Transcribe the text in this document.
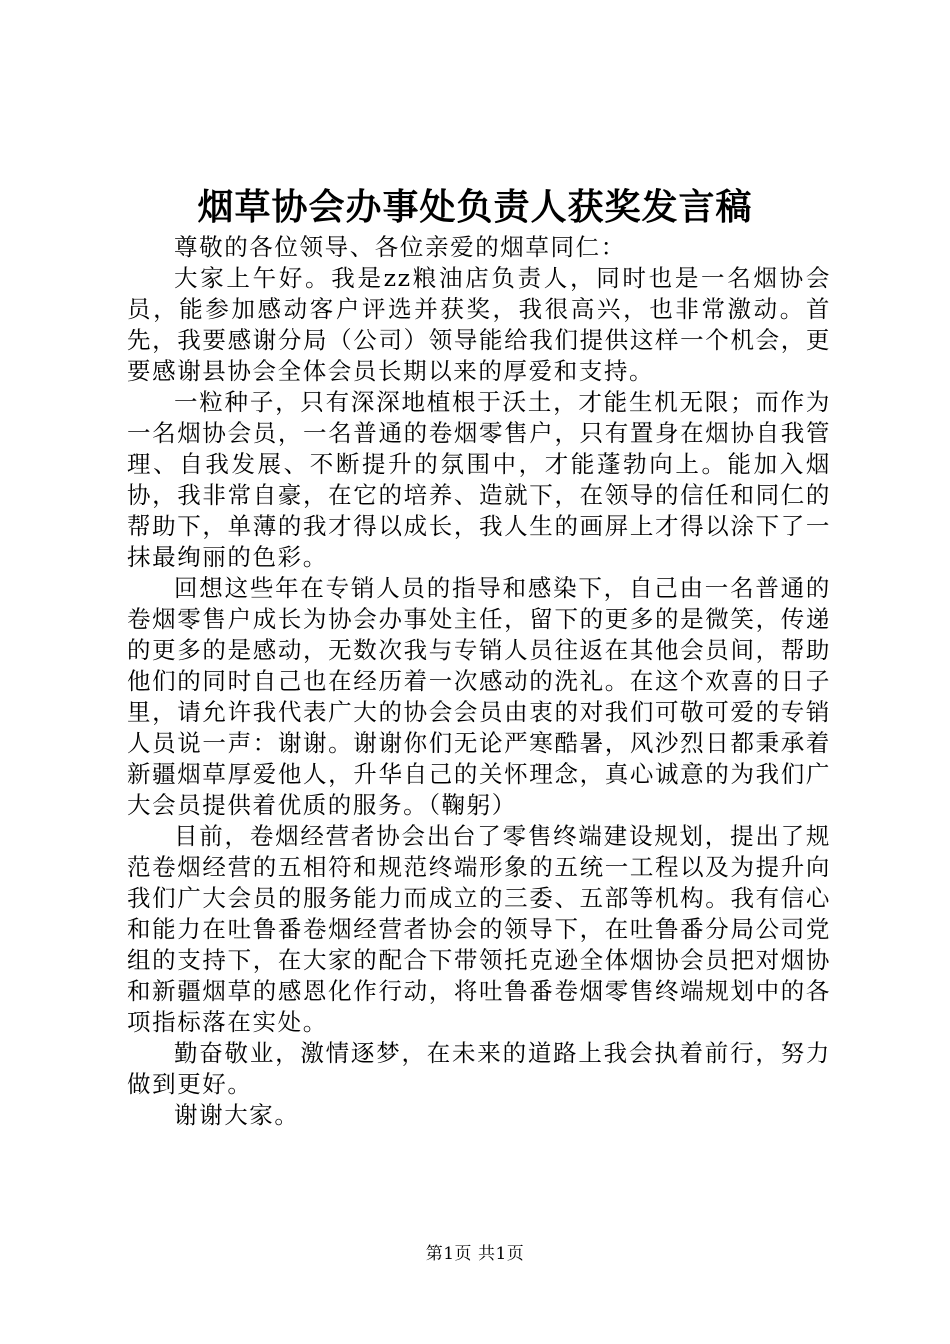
烟草协会办事处负责人获奖发言稿

尊敬的各位领导、各位亲爱的烟草同仁：

大家上午好。我是zz粮油店负责人，同时也是一名烟协会员，能参加感动客户评选并获奖，我很高兴，也非常激动。首先，我要感谢分局（公司）领导能给我们提供这样一个机会，更要感谢县协会全体会员长期以来的厚爱和支持。

一粒种子，只有深深地植根于沃土，才能生机无限；而作为一名烟协会员，一名普通的卷烟零售户，只有置身在烟协自我管理、自我发展、不断提升的氛围中，才能蓬勃向上。能加入烟协，我非常自豪，在它的培养、造就下，在领导的信任和同仁的帮助下，单薄的我才得以成长，我人生的画屏上才得以涂下了一抹最绚丽的色彩。

回想这些年在专销人员的指导和感染下，自己由一名普通的卷烟零售户成长为协会办事处主任，留下的更多的是微笑，传递的更多的是感动，无数次我与专销人员往返在其他会员间，帮助他们的同时自己也在经历着一次感动的洗礼。在这个欢喜的日子里，请允许我代表广大的协会会员由衷的对我们可敬可爱的专销人员说一声：谢谢。谢谢你们无论严寒酷暑，风沙烈日都秉承着新疆烟草厚爱他人，升华自己的关怀理念，真心诚意的为我们广大会员提供着优质的服务。（鞠躬）

目前，卷烟经营者协会出台了零售终端建设规划，提出了规范卷烟经营的五相符和规范终端形象的五统一工程以及为提升向我们广大会员的服务能力而成立的三委、五部等机构。我有信心和能力在吐鲁番卷烟经营者协会的领导下，在吐鲁番分局公司党组的支持下，在大家的配合下带领托克逊全体烟协会员把对烟协和新疆烟草的感恩化作行动，将吐鲁番卷烟零售终端规划中的各项指标落在实处。

勤奋敬业，激情逐梦，在未来的道路上我会执着前行，努力做到更好。

谢谢大家。

第1页 共1页
